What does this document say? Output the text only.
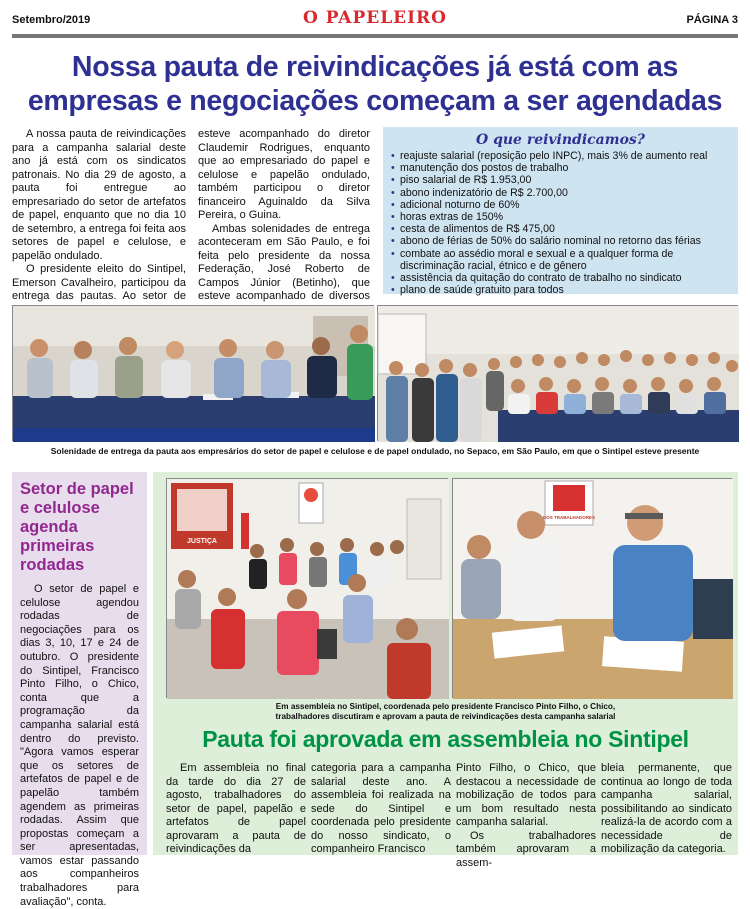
Setembro/2019	O PAPELEIRO	PÁGINA 3
Nossa pauta de reivindicações já está com as
empresas e negociações começam a ser agendadas

A nossa pauta de reivindicações para a campanha salarial deste ano já está com os sindicatos patronais. No dia 29 de agosto, a pauta foi entregue ao empresariado do setor de artefatos de papel, enquanto que no dia 10 de setembro, a entrega foi feita aos setores de papel e celulose, e papelão ondulado.

O presidente eleito do Sintipel, Emerson Cavalheiro, participou da entrega das pautas. Ao setor de

esteve acompanhado do diretor Claudemir Rodrigues, enquanto que ao empresariado do papel e celulose e papelão ondulado, também participou o diretor financeiro Aguinaldo da Silva Pereira, o Guina.

Ambas solenidades de entrega aconteceram em São Paulo, e foi feita pelo presidente da nossa Federação, José Roberto de Campos Júnior (Betinho), que esteve acompanhado de diversos

O que reivindicamos?
• reajuste salarial (reposição pelo INPC), mais 3% de aumento real
• manutenção dos postos de trabalho
• piso salarial de R$ 1.953,00
• abono indenizatório de R$ 2.700,00
• adicional noturno de 60%
• horas extras de 150%
• cesta de alimentos de R$ 475,00
• abono de férias de 50% do salário nominal no retorno das férias
• combate ao assédio moral e sexual e a qualquer forma de discriminação racial, étnico e de gênero
• assistência da quitação do contrato de trabalho no sindicato
• plano de saúde gratuito para todos
Solenidade de entrega da pauta aos empresários do setor de papel e celulose e de papel ondulado, no Sepaco, em São Paulo, em que o Sintipel esteve presente
Setor de papel e celulose agenda primeiras rodadas

O setor de papel e celulose agendou rodadas de negociações para os dias 3, 10, 17 e 24 de outubro. O presidente do Sintipel, Francisco Pinto Filho, o Chico, conta que a programação da campanha salarial está dentro do previsto. "Agora vamos esperar que os setores de artefatos de papel e de papelão também agendem as primeiras rodadas. Assim que propostas começam a ser apresentadas, vamos estar passando aos companheiros trabalhadores para avaliação", conta.

JUSTIÇA
DOS TRABALHADORES
Em assembleia no Sintipel, coordenada pelo presidente Francisco Pinto Filho, o Chico,
trabalhadores discutiram e aprovam a pauta de reivindicações desta campanha salarial
Pauta foi aprovada em assembleia no Sintipel

Em assembleia no final da tarde do dia 27 de agosto, trabalhadores do setor de papel, papelão e artefatos de papel aprovaram a pauta de reivindicações da

categoria para a campanha salarial deste ano. A assembleia foi realizada na sede do Sintipel e coordenada pelo presidente do nosso sindicato, o companheiro Francisco

Pinto Filho, o Chico, que destacou a necessidade de mobilização de todos para um bom resultado nesta campanha salarial.

Os trabalhadores também aprovaram a assem-

bleia permanente, que continua ao longo de toda campanha salarial, possibilitando ao sindicato realizá-la de acordo com a necessidade de mobilização da categoria.
